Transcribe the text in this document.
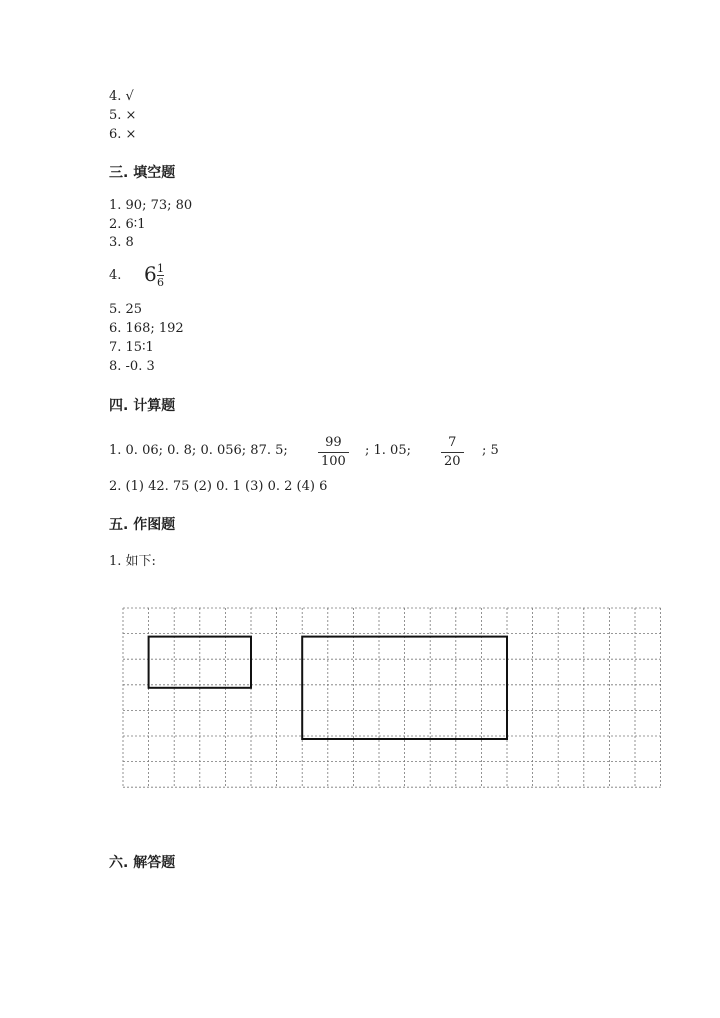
4. √
5. ×
6. ×
三. 填空题
1. 90; 73; 80
2. 6∶1
3. 8
4. 6 1
6
5. 25
6. 168; 192
7. 15∶1
8. -0. 3
四. 计算题
1. 0. 06; 0. 8; 0. 056; 87. 5;
99
100
; 1. 05;
7
20
; 5
2. (1) 42. 75 (2) 0. 1 (3) 0. 2 (4) 6
五. 作图题
1. 如下:
六. 解答题
